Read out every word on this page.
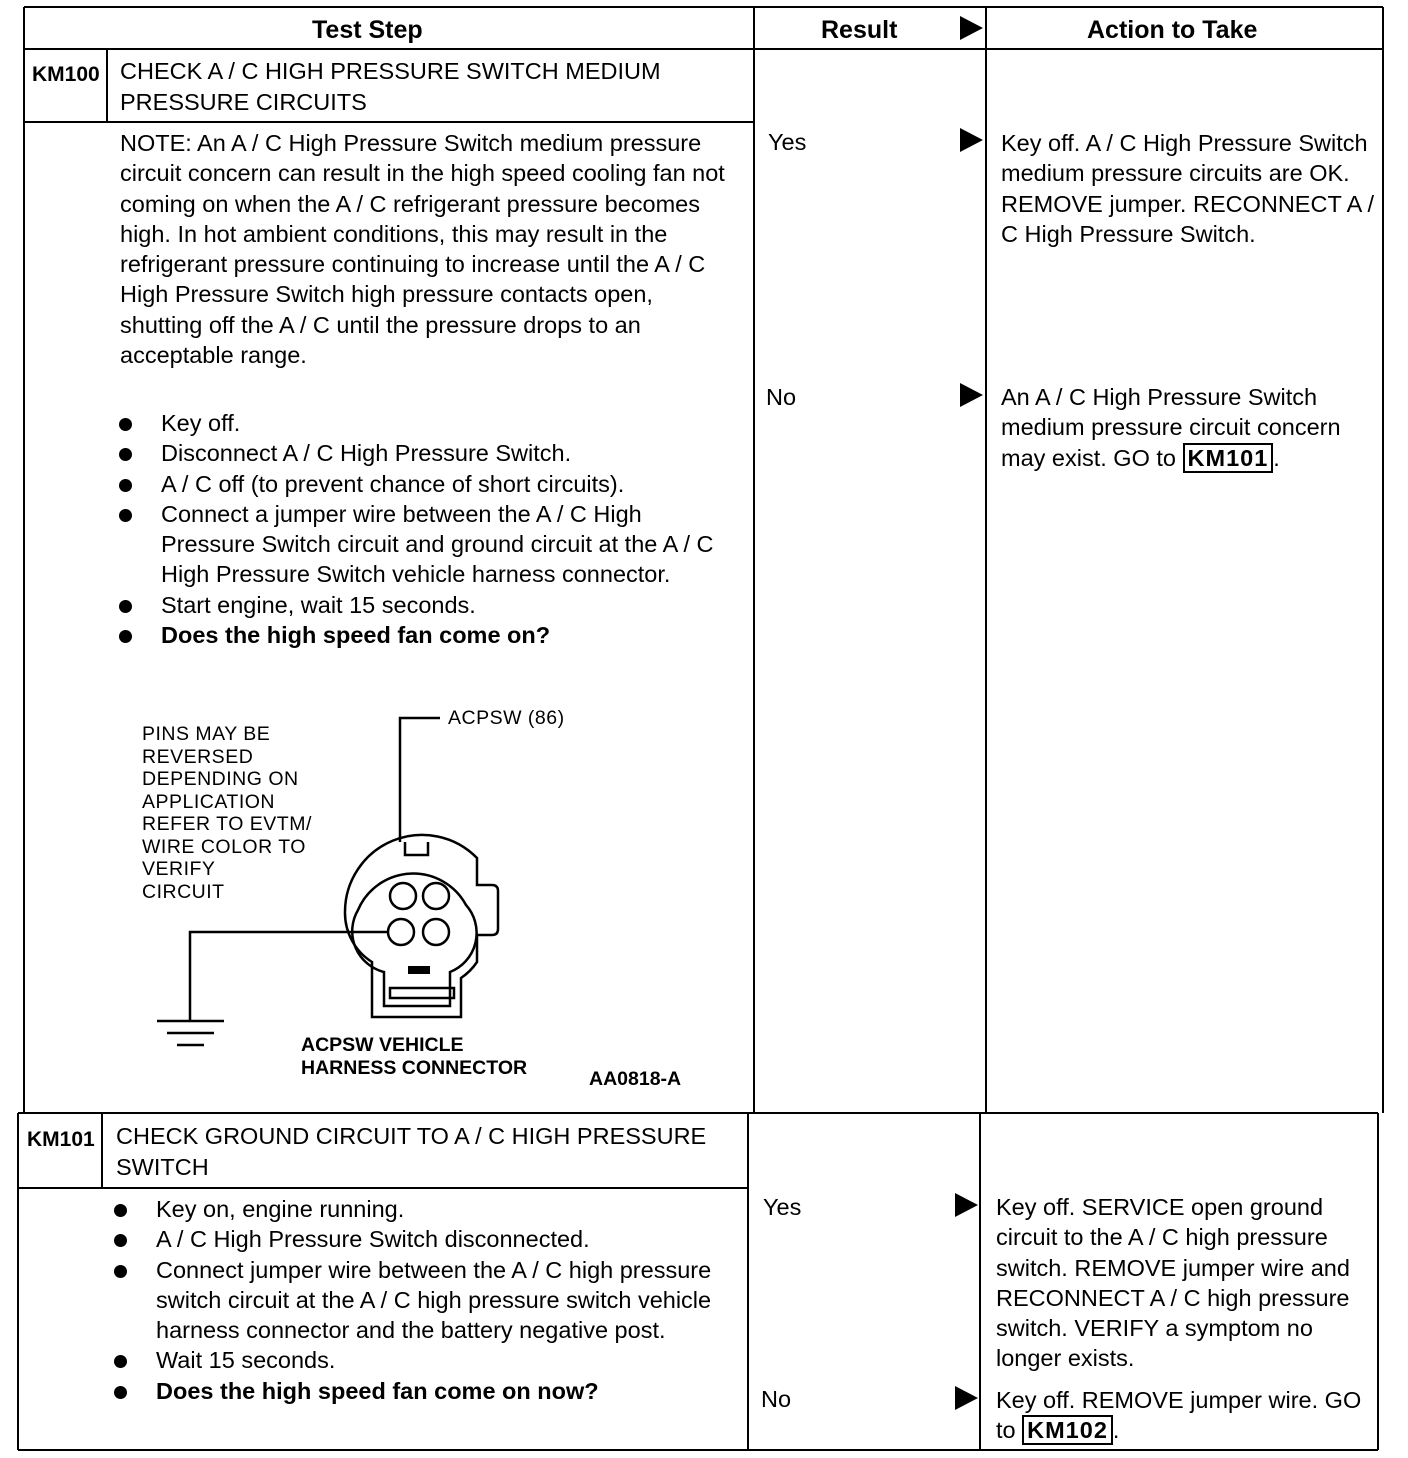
Test Step	Result	Action to Take
KM100 CHECK A / C HIGH PRESSURE SWITCH MEDIUM PRESSURE CIRCUITS

NOTE: An A / C High Pressure Switch medium pressure circuit concern can result in the high speed cooling fan not coming on when the A / C refrigerant pressure becomes high. In hot ambient conditions, this may result in the refrigerant pressure continuing to increase until the A / C High Pressure Switch high pressure contacts open, shutting off the A / C until the pressure drops to an acceptable range.

Key off.
Disconnect A / C High Pressure Switch.
A / C off (to prevent chance of short circuits).
Connect a jumper wire between the A / C High Pressure Switch circuit and ground circuit at the A / C High Pressure Switch vehicle harness connector.
Start engine, wait 15 seconds.
Does the high speed fan come on?
ACPSW (86)
PINS MAY BE
REVERSED
DEPENDING ON
APPLICATION
REFER TO EVTM/
WIRE COLOR TO
VERIFY
CIRCUIT
ACPSW VEHICLE
HARNESS CONNECTOR
AA0818-A
Yes	Key off. A / C High Pressure Switch medium pressure circuits are OK. REMOVE jumper. RECONNECT A / C High Pressure Switch.
No	An A / C High Pressure Switch medium pressure circuit concern may exist. GO to KM101 .
KM101 CHECK GROUND CIRCUIT TO A / C HIGH PRESSURE SWITCH
Key on, engine running.
A / C High Pressure Switch disconnected.
Connect jumper wire between the A / C high pressure switch circuit at the A / C high pressure switch vehicle harness connector and the battery negative post.
Wait 15 seconds.
Does the high speed fan come on now?
Yes	Key off. SERVICE open ground circuit to the A / C high pressure switch. REMOVE jumper wire and RECONNECT A / C high pressure switch. VERIFY a symptom no longer exists.
No	Key off. REMOVE jumper wire. GO to KM102 .
